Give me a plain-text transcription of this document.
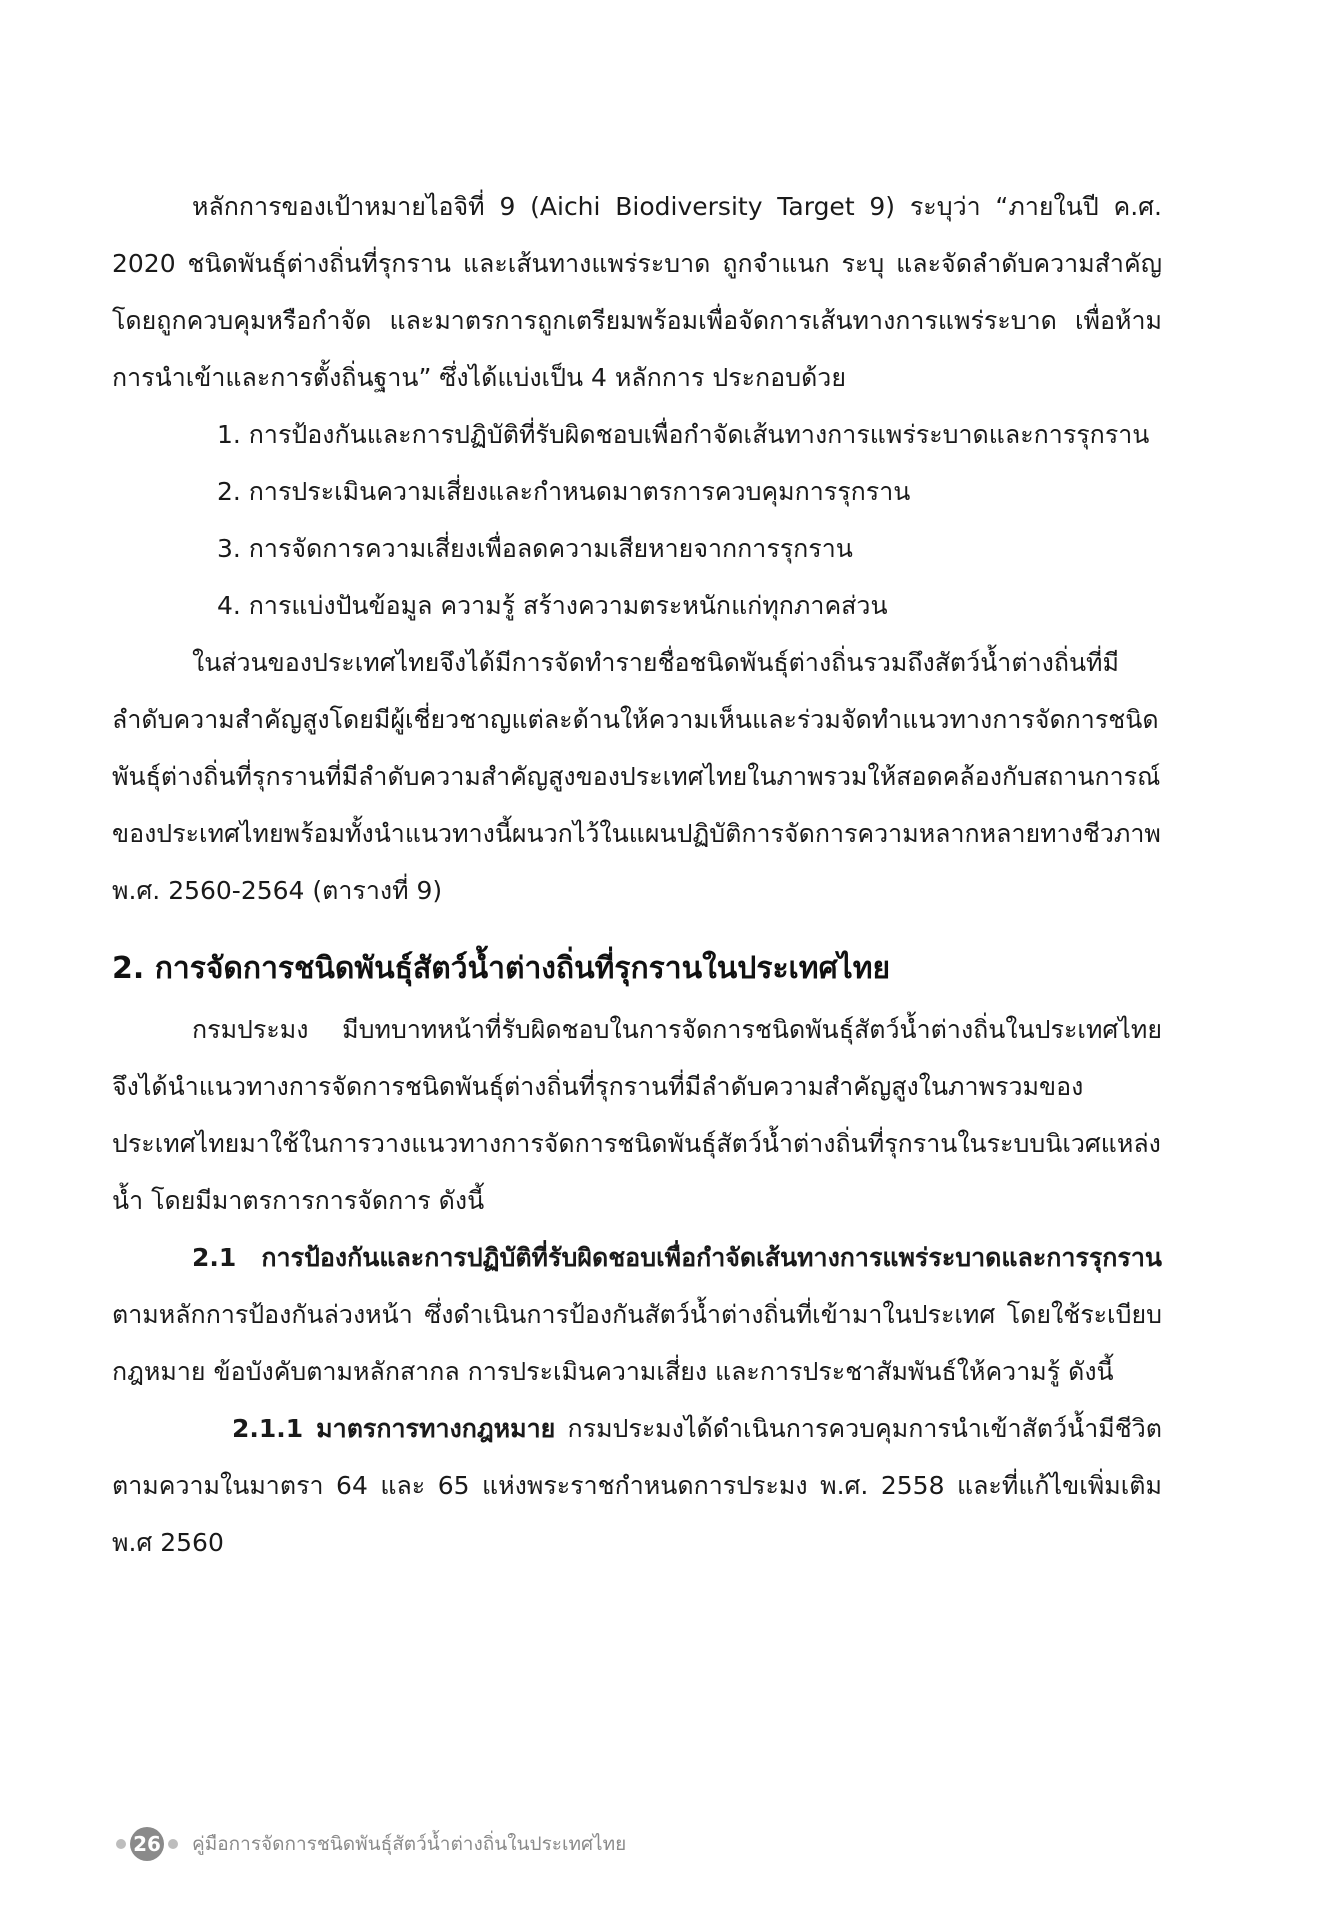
หลักการของเป้าหมายไอจิที่ 9 (Aichi Biodiversity Target 9) ระบุว่า “ภายในปี ค.ศ. 2020 ชนิดพันธุ์ต่างถิ่นที่รุกราน และเส้นทางแพร่ระบาด ถูกจำแนก ระบุ และจัดลำดับความสำคัญ โดยถูกควบคุมหรือกำจัด และมาตรการถูกเตรียมพร้อมเพื่อจัดการเส้นทางการแพร่ระบาด เพื่อห้ามการนำเข้าและการตั้งถิ่นฐาน” ซึ่งได้แบ่งเป็น 4 หลักการ ประกอบด้วย

1. การป้องกันและการปฏิบัติที่รับผิดชอบเพื่อกำจัดเส้นทางการแพร่ระบาดและการรุกราน

2. การประเมินความเสี่ยงและกำหนดมาตรการควบคุมการรุกราน

3. การจัดการความเสี่ยงเพื่อลดความเสียหายจากการรุกราน

4. การแบ่งปันข้อมูล ความรู้ สร้างความตระหนักแก่ทุกภาคส่วน

ในส่วนของประเทศไทยจึงได้มีการจัดทำรายชื่อชนิดพันธุ์ต่างถิ่นรวมถึงสัตว์น้ำต่างถิ่นที่มีลำดับความสำคัญสูงโดยมีผู้เชี่ยวชาญแต่ละด้านให้ความเห็นและร่วมจัดทำแนวทางการจัดการชนิดพันธุ์ต่างถิ่นที่รุกรานที่มีลำดับความสำคัญสูงของประเทศไทยในภาพรวมให้สอดคล้องกับสถานการณ์ของประเทศไทยพร้อมทั้งนำแนวทางนี้ผนวกไว้ในแผนปฏิบัติการจัดการความหลากหลายทางชีวภาพ พ.ศ. 2560-2564 (ตารางที่ 9)

2. การจัดการชนิดพันธุ์สัตว์น้ำต่างถิ่นที่รุกรานในประเทศไทย

กรมประมง มีบทบาทหน้าที่รับผิดชอบในการจัดการชนิดพันธุ์สัตว์น้ำต่างถิ่นในประเทศไทย จึงได้นำแนวทางการจัดการชนิดพันธุ์ต่างถิ่นที่รุกรานที่มีลำดับความสำคัญสูงในภาพรวมของประเทศไทยมาใช้ในการวางแนวทางการจัดการชนิดพันธุ์สัตว์น้ำต่างถิ่นที่รุกรานในระบบนิเวศแหล่งน้ำ โดยมีมาตรการการจัดการ ดังนี้

2.1 การป้องกันและการปฏิบัติที่รับผิดชอบเพื่อกำจัดเส้นทางการแพร่ระบาดและการรุกราน ตามหลักการป้องกันล่วงหน้า ซึ่งดำเนินการป้องกันสัตว์น้ำต่างถิ่นที่เข้ามาในประเทศ โดยใช้ระเบียบกฎหมาย ข้อบังคับตามหลักสากล การประเมินความเสี่ยง และการประชาสัมพันธ์ให้ความรู้ ดังนี้

2.1.1 มาตรการทางกฎหมาย กรมประมงได้ดำเนินการควบคุมการนำเข้าสัตว์น้ำมีชีวิต ตามความในมาตรา 64 และ 65 แห่งพระราชกำหนดการประมง พ.ศ. 2558 และที่แก้ไขเพิ่มเติม พ.ศ 2560

26 คู่มือการจัดการชนิดพันธุ์สัตว์น้ำต่างถิ่นในประเทศไทย
